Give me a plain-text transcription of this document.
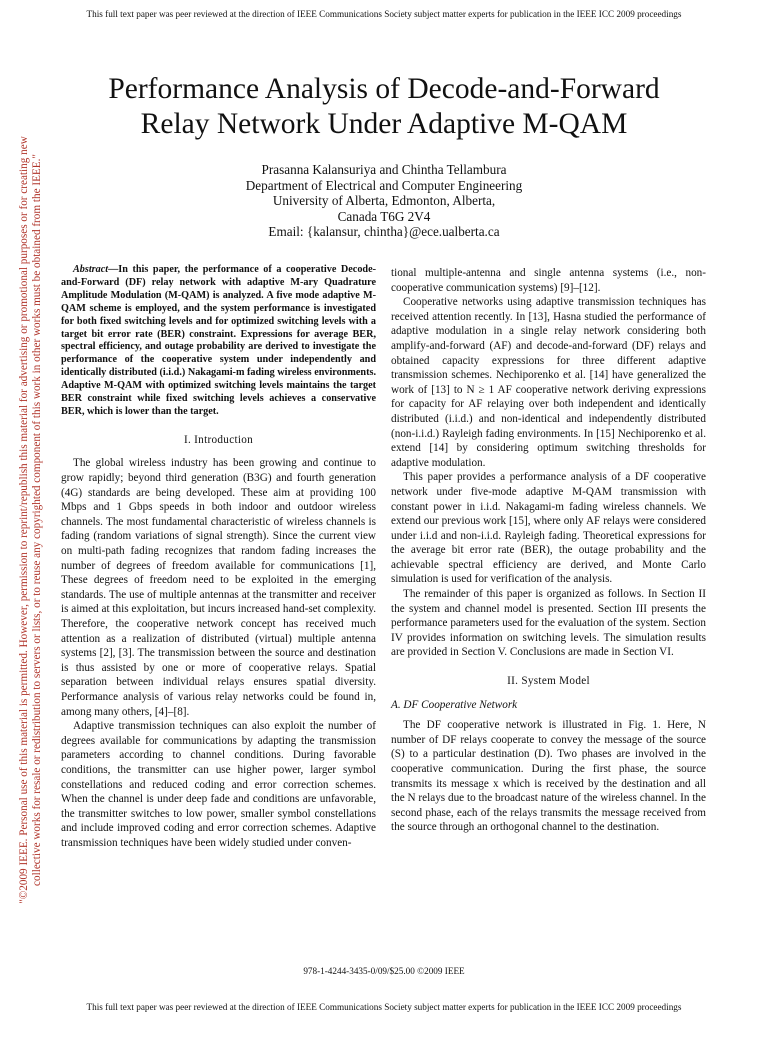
This full text paper was peer reviewed at the direction of IEEE Communications Society subject matter experts for publication in the IEEE ICC 2009 proceedings
"©2009 IEEE. Personal use of this material is permitted. However, permission to reprint/republish this material for advertising or promotional purposes or for creating new collective works for resale or redistribution to servers or lists, or to reuse any copyrighted component of this work in other works must be obtained from the IEEE."
Performance Analysis of Decode-and-Forward
Relay Network Under Adaptive M-QAM
Prasanna Kalansuriya and Chintha Tellambura
Department of Electrical and Computer Engineering
University of Alberta, Edmonton, Alberta,
Canada T6G 2V4
Email: {kalansur, chintha}@ece.ualberta.ca

Abstract—In this paper, the performance of a cooperative Decode-and-Forward (DF) relay network with adaptive M-ary Quadrature Amplitude Modulation (M-QAM) is analyzed. A five mode adaptive M-QAM scheme is employed, and the system performance is investigated for both fixed switching levels and for optimized switching levels with a target bit error rate (BER) constraint. Expressions for average BER, spectral efficiency, and outage probability are derived to investigate the performance of the cooperative system under independently and identically distributed (i.i.d.) Nakagami-m fading wireless environments. Adaptive M-QAM with optimized switching levels maintains the target BER constraint while fixed switching levels achieves a conservative BER, which is lower than the target.

I. Introduction

The global wireless industry has been growing and continue to grow rapidly; beyond third generation (B3G) and fourth generation (4G) standards are being developed. These aim at providing 100 Mbps and 1 Gbps speeds in both indoor and outdoor wireless channels. The most fundamental characteristic of wireless channels is fading (random variations of signal strength). Since the current view on multi-path fading recognizes that random fading increases the number of degrees of freedom available for communications [1], These degrees of freedom need to be exploited in the emerging standards. The use of multiple antennas at the transmitter and receiver is aimed at this exploitation, but incurs increased hand-set complexity. Therefore, the cooperative network concept has received much attention as a realization of distributed (virtual) multiple antenna systems [2], [3]. The transmission between the source and destination is thus assisted by one or more of cooperative relays. Spatial separation between individual relays ensures spatial diversity. Performance analysis of various relay networks could be found in, among many others, [4]–[8].

Adaptive transmission techniques can also exploit the number of degrees available for communications by adapting the transmission parameters according to channel conditions. During favorable conditions, the transmitter can use higher power, larger symbol constellations and reduced coding and error correction schemes. When the channel is under deep fade and conditions are unfavorable, the transmitter switches to low power, smaller symbol constellations and include improved coding and error correction schemes. Adaptive transmission techniques have been widely studied under conven-

tional multiple-antenna and single antenna systems (i.e., non-cooperative communication systems) [9]–[12].

Cooperative networks using adaptive transmission techniques has received attention recently. In [13], Hasna studied the performance of adaptive modulation in a single relay network considering both amplify-and-forward (AF) and decode-and-forward (DF) relays and obtained capacity expressions for three different adaptive transmission schemes. Nechiporenko et al. [14] have generalized the work of [13] to N ≥ 1 AF cooperative network deriving expressions for capacity for AF relaying over both independent and identically distributed (i.i.d.) and non-identical and independently distributed (non-i.i.d.) Rayleigh fading environments. In [15] Nechiporenko et al. extend [14] by considering optimum switching thresholds for adaptive modulation.

This paper provides a performance analysis of a DF cooperative network under five-mode adaptive M-QAM transmission with constant power in i.i.d. Nakagami-m fading wireless channels. We extend our previous work [15], where only AF relays were considered under i.i.d and non-i.i.d. Rayleigh fading. Theoretical expressions for the average bit error rate (BER), the outage probability and the achievable spectral efficiency are derived, and Monte Carlo simulation is used for verification of the analysis.

The remainder of this paper is organized as follows. In Section II the system and channel model is presented. Section III presents the performance parameters used for the evaluation of the system. Section IV provides information on switching levels. The simulation results are provided in Section V. Conclusions are made in Section VI.

II. System Model
A. DF Cooperative Network

The DF cooperative network is illustrated in Fig. 1. Here, N number of DF relays cooperate to convey the message of the source (S) to a particular destination (D). Two phases are involved in the cooperative communication. During the first phase, the source transmits its message x which is received by the destination and all the N relays due to the broadcast nature of the wireless channel. In the second phase, each of the relays transmits the message received from the source through an orthogonal channel to the destination.

978-1-4244-3435-0/09/$25.00 ©2009 IEEE
This full text paper was peer reviewed at the direction of IEEE Communications Society subject matter experts for publication in the IEEE ICC 2009 proceedings
